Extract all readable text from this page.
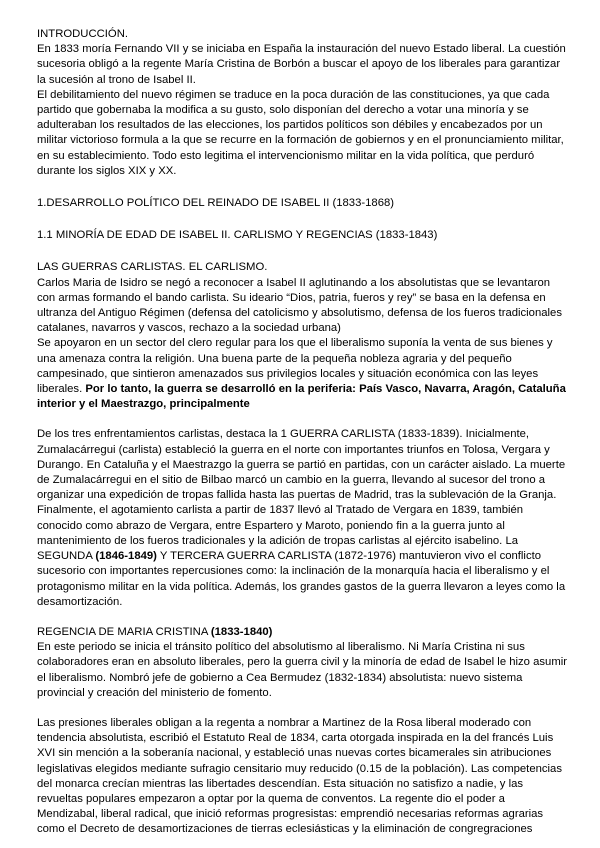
INTRODUCCIÓN.

En 1833 moría Fernando VII y se iniciaba en España la instauración del nuevo Estado liberal. La cuestión sucesoria obligó a la regente María Cristina de Borbón a buscar el apoyo de los liberales para garantizar la sucesión al trono de Isabel II.

El debilitamiento del nuevo régimen se traduce en la poca duración de las constituciones, ya que cada partido que gobernaba la modifica a su gusto, solo disponían del derecho a votar una minoría y se adulteraban los resultados de las elecciones, los partidos políticos son débiles y encabezados por un militar victorioso formula a la que se recurre en la formación de gobiernos y en el pronunciamiento militar, en su establecimiento. Todo esto legitima el intervencionismo militar en la vida política, que perduró durante los siglos XIX y XX.

1.DESARROLLO POLÍTICO DEL REINADO DE ISABEL II (1833-1868)

1.1 MINORÍA DE EDAD DE ISABEL II. CARLISMO Y REGENCIAS (1833-1843)

LAS GUERRAS CARLISTAS. EL CARLISMO.

Carlos Maria de Isidro se negó a reconocer a Isabel II aglutinando a los absolutistas que se levantaron con armas formando el bando carlista. Su ideario “Dios, patria, fueros y rey” se basa en la defensa en ultranza del Antiguo Régimen (defensa del catolicismo y absolutismo, defensa de los fueros tradicionales catalanes, navarros y vascos, rechazo a la sociedad urbana)

Se apoyaron en un sector del clero regular para los que el liberalismo suponía la venta de sus bienes y una amenaza contra la religión. Una buena parte de la pequeña nobleza agraria y del pequeño campesinado, que sintieron amenazados sus privilegios locales y situación económica con las leyes liberales. Por lo tanto, la guerra se desarrolló en la periferia: País Vasco, Navarra, Aragón, Cataluña interior y el Maestrazgo, principalmente

De los tres enfrentamientos carlistas, destaca la 1 GUERRA CARLISTA (1833-1839). Inicialmente, Zumalacárregui (carlista) estableció la guerra en el norte con importantes triunfos en Tolosa, Vergara y Durango. En Cataluña y el Maestrazgo la guerra se partió en partidas, con un carácter aislado. La muerte de Zumalacárregui en el sitio de Bilbao marcó un cambio en la guerra, llevando al sucesor del trono a organizar una expedición de tropas fallida hasta las puertas de Madrid, tras la sublevación de la Granja. Finalmente, el agotamiento carlista a partir de 1837 llevó al Tratado de Vergara en 1839, también conocido como abrazo de Vergara, entre Espartero y Maroto, poniendo fin a la guerra junto al mantenimiento de los fueros tradicionales y la adición de tropas carlistas al ejército isabelino. La SEGUNDA (1846-1849) Y TERCERA GUERRA CARLISTA (1872-1976) mantuvieron vivo el conflicto sucesorio con importantes repercusiones como: la inclinación de la monarquía hacia el liberalismo y el protagonismo militar en la vida política. Además, los grandes gastos de la guerra llevaron a leyes como la desamortización.

REGENCIA DE MARIA CRISTINA (1833-1840)

En este periodo se inicia el tránsito político del absolutismo al liberalismo. Ni María Cristina ni sus colaboradores eran en absoluto liberales, pero la guerra civil y la minoría de edad de Isabel le hizo asumir el liberalismo. Nombró jefe de gobierno a Cea Bermudez (1832-1834) absolutista: nuevo sistema provincial y creación del ministerio de fomento.

Las presiones liberales obligan a la regenta a nombrar a Martinez de la Rosa liberal moderado con tendencia absolutista, escribió el Estatuto Real de 1834, carta otorgada inspirada en la del francés Luis XVI sin mención a la soberanía nacional, y estableció unas nuevas cortes bicamerales sin atribuciones legislativas elegidos mediante sufragio censitario muy reducido (0.15 de la población). Las competencias del monarca crecían mientras las libertades descendían. Esta situación no satisfizo a nadie, y las revueltas populares empezaron a optar por la quema de conventos. La regente dio el poder a Mendizabal, liberal radical, que inició reformas progresistas: emprendió necesarias reformas agrarias como el Decreto de desamortizaciones de tierras eclesiásticas y la eliminación de congregraciones
